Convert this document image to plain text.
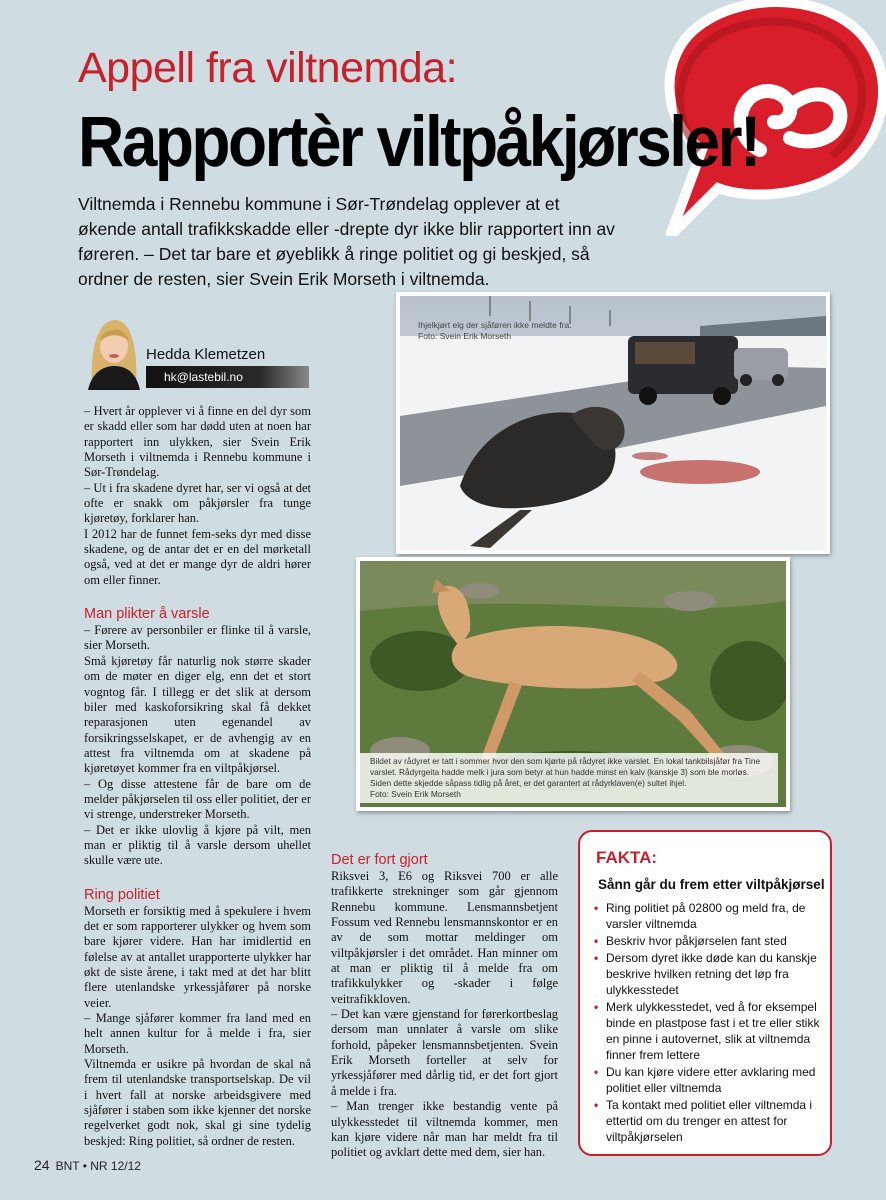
Appell fra viltnemda:
Rapportèr viltpåkjørsler!
Viltnemda i Rennebu kommune i Sør-Trøndelag opplever at et økende antall trafikkskadde eller -drepte dyr ikke blir rapportert inn av føreren. – Det tar bare et øyeblikk å ringe politiet og gi beskjed, så ordner de resten, sier Svein Erik Morseth i viltnemda.
Hedda Klemetzen
hk@lastebil.no

– Hvert år opplever vi å finne en del dyr som er skadd eller som har dødd uten at noen har rapportert inn ulykken, sier Svein Erik Morseth i viltnemda i Rennebu kommune i Sør-Trøndelag.

– Ut i fra skadene dyret har, ser vi også at det ofte er snakk om påkjørsler fra tunge kjøretøy, forklarer han.

I 2012 har de funnet fem-seks dyr med disse skadene, og de antar det er en del mørketall også, ved at det er mange dyr de aldri hører om eller finner.

Man plikter å varsle

– Førere av personbiler er flinke til å varsle, sier Morseth.

Små kjøretøy får naturlig nok større skader om de møter en diger elg, enn det et stort vogntog får. I tillegg er det slik at dersom biler med kaskoforsikring skal få dekket reparasjonen uten egenandel av forsikringsselskapet, er de avhengig av en attest fra viltnemda om at skadene på kjøretøyet kommer fra en viltpåkjørsel.

– Og disse attestene får de bare om de melder påkjørselen til oss eller politiet, der er vi strenge, understreker Morseth.

– Det er ikke ulovlig å kjøre på vilt, men man er pliktig til å varsle dersom uhellet skulle være ute.

Ring politiet

Morseth er forsiktig med å spekulere i hvem det er som rapporterer ulykker og hvem som bare kjører videre. Han har imidlertid en følelse av at antallet urapporterte ulykker har økt de siste årene, i takt med at det har blitt flere utenlandske yrkessjåfører på norske veier.

– Mange sjåfører kommer fra land med en helt annen kultur for å melde i fra, sier Morseth.

Viltnemda er usikre på hvordan de skal nå frem til utenlandske transportselskap. De vil i hvert fall at norske arbeidsgivere med sjåfører i staben som ikke kjenner det norske regelverket godt nok, skal gi sine tydelig beskjed: Ring politiet, så ordner de resten.

Det er fort gjort

Riksvei 3, E6 og Riksvei 700 er alle trafikkerte strekninger som går gjennom Rennebu kommune. Lensmannsbetjent Fossum ved Rennebu lensmannskontor er en av de som mottar meldinger om viltpåkjørsler i det området. Han minner om at man er pliktig til å melde fra om trafikkulykker og -skader i følge veitrafikkloven.

– Det kan være gjenstand for førerkortbeslag dersom man unnlater å varsle om slike forhold, påpeker lensmannsbetjenten. Svein Erik Morseth forteller at selv for yrkessjåfører med dårlig tid, er det fort gjort å melde i fra.

– Man trenger ikke bestandig vente på ulykkesstedet til viltnemda kommer, men kan kjøre videre når man har meldt fra til politiet og avklart dette med dem, sier han.

Ihjelkjørt elg der sjåføren ikke meldte fra.
Foto: Svein Erik Morseth
Bildet av rådyret er tatt i sommer hvor den som kjørte på rådyret ikke varslet. En lokal tankbilsjåfør fra Tine
varslet. Rådyrgeita hadde melk i jura som betyr at hun hadde minst en kalv (kanskje 3) som ble morløs.
Siden dette skjedde såpass tidlig på året, er det garantert at rådyrklaven(e) sultet ihjel.
Foto: Svein Erik Morseth
FAKTA:
Sånn går du frem etter viltpåkjørsel
• Ring politiet på 02800 og meld fra, de varsler viltnemda
• Beskriv hvor påkjørselen fant sted
• Dersom dyret ikke døde kan du kanskje beskrive hvilken retning det løp fra ulykkesstedet
• Merk ulykkesstedet, ved å for eksempel binde en plastpose fast i et tre eller stikk en pinne i autovernet, slik at viltnemda finner frem lettere
• Du kan kjøre videre etter avklaring med politiet eller viltnemda
• Ta kontakt med politiet eller viltnemda i ettertid om du trenger en attest for viltpåkjørselen
24 BNT • NR 12/12
